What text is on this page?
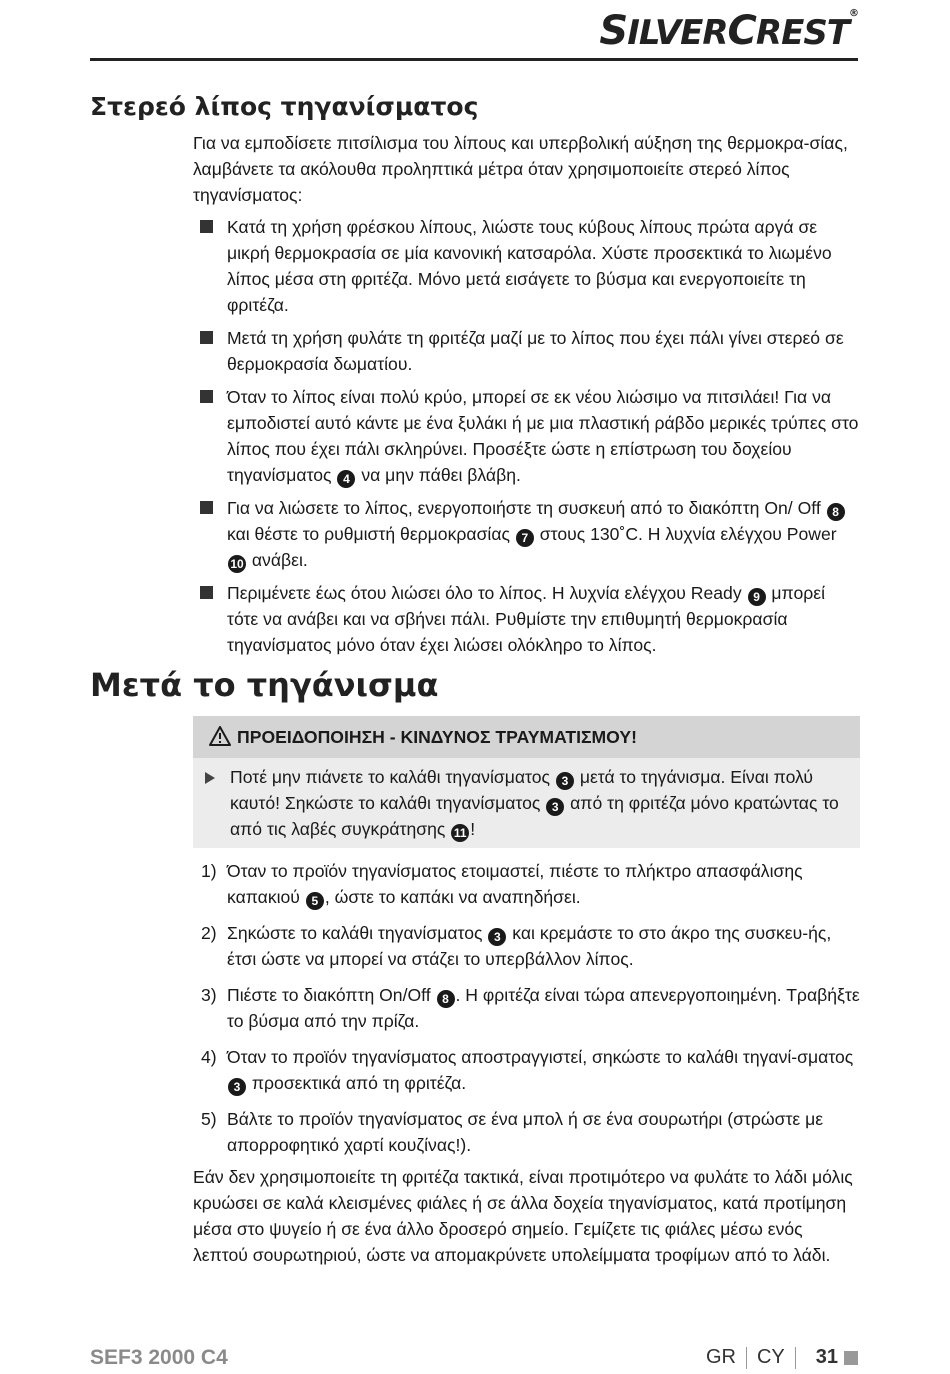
SILVERCREST®
Στερεό λίπος τηγανίσματος
Για να εμποδίσετε πιτσίλισμα του λίπους και υπερβολική αύξηση της θερμοκρα-σίας, λαμβάνετε τα ακόλουθα προληπτικά μέτρα όταν χρησιμοποιείτε στερεό λίπος τηγανίσματος:
Κατά τη χρήση φρέσκου λίπους, λιώστε τους κύβους λίπους πρώτα αργά σε μικρή θερμοκρασία σε μία κανονική κατσαρόλα. Χύστε προσεκτικά το λιωμένο λίπος μέσα στη φριτέζα. Μόνο μετά εισάγετε το βύσμα και ενεργοποιείτε τη φριτέζα.
Μετά τη χρήση φυλάτε τη φριτέζα μαζί με το λίπος που έχει πάλι γίνει στερεό σε θερμοκρασία δωματίου.
Όταν το λίπος είναι πολύ κρύο, μπορεί σε εκ νέου λιώσιμο να πιτσιλάει! Για να εμποδιστεί αυτό κάντε με ένα ξυλάκι ή με μια πλαστική ράβδο μερικές τρύπες στο λίπος που έχει πάλι σκληρύνει. Προσέξτε ώστε η επίστρωση του δοχείου τηγανίσματος 4 να μην πάθει βλάβη.
Για να λιώσετε το λίπος, ενεργοποιήστε τη συσκευή από το διακόπτη On/ Off 8 και θέστε το ρυθμιστή θερμοκρασίας 7 στους 130˚C. Η λυχνία ελέγχου Power 10 ανάβει.
Περιμένετε έως ότου λιώσει όλο το λίπος. Η λυχνία ελέγχου Ready 9 μπορεί τότε να ανάβει και να σβήνει πάλι. Ρυθμίστε την επιθυμητή θερμοκρασία τηγανίσματος μόνο όταν έχει λιώσει ολόκληρο το λίπος.
Μετά το τηγάνισμα
ΠΡΟΕΙΔΟΠΟΙΗΣΗ - ΚΙΝΔΥΝΟΣ ΤΡΑΥΜΑΤΙΣΜΟΥ!
Ποτέ μην πιάνετε το καλάθι τηγανίσματος 3 μετά το τηγάνισμα. Είναι πολύ καυτό! Σηκώστε το καλάθι τηγανίσματος 3 από τη φριτέζα μόνο κρατώντας το από τις λαβές συγκράτησης 11 !
1) Όταν το προϊόν τηγανίσματος ετοιμαστεί, πιέστε το πλήκτρο απασφάλισης καπακιού 5 , ώστε το καπάκι να αναπηδήσει.
2) Σηκώστε το καλάθι τηγανίσματος 3 και κρεμάστε το στο άκρο της συσκευ-ής, έτσι ώστε να μπορεί να στάζει το υπερβάλλον λίπος.
3) Πιέστε το διακόπτη On/Off 8 . Η φριτέζα είναι τώρα απενεργοποιημένη. Τραβήξτε το βύσμα από την πρίζα.
4) Όταν το προϊόν τηγανίσματος αποστραγγιστεί, σηκώστε το καλάθι τηγανί-σματος 3 προσεκτικά από τη φριτέζα.
5) Βάλτε το προϊόν τηγανίσματος σε ένα μπολ ή σε ένα σουρωτήρι (στρώστε με απορροφητικό χαρτί κουζίνας!).
Εάν δεν χρησιμοποιείτε τη φριτέζα τακτικά, είναι προτιμότερο να φυλάτε το λάδι μόλις κρυώσει σε καλά κλεισμένες φιάλες ή σε άλλα δοχεία τηγανίσματος, κατά προτίμηση μέσα στο ψυγείο ή σε ένα άλλο δροσερό σημείο. Γεμίζετε τις φιάλες μέσω ενός λεπτού σουρωτηριού, ώστε να απομακρύνετε υπολείμματα τροφίμων από το λάδι.
SEF3 2000 C4	GR CY 31
